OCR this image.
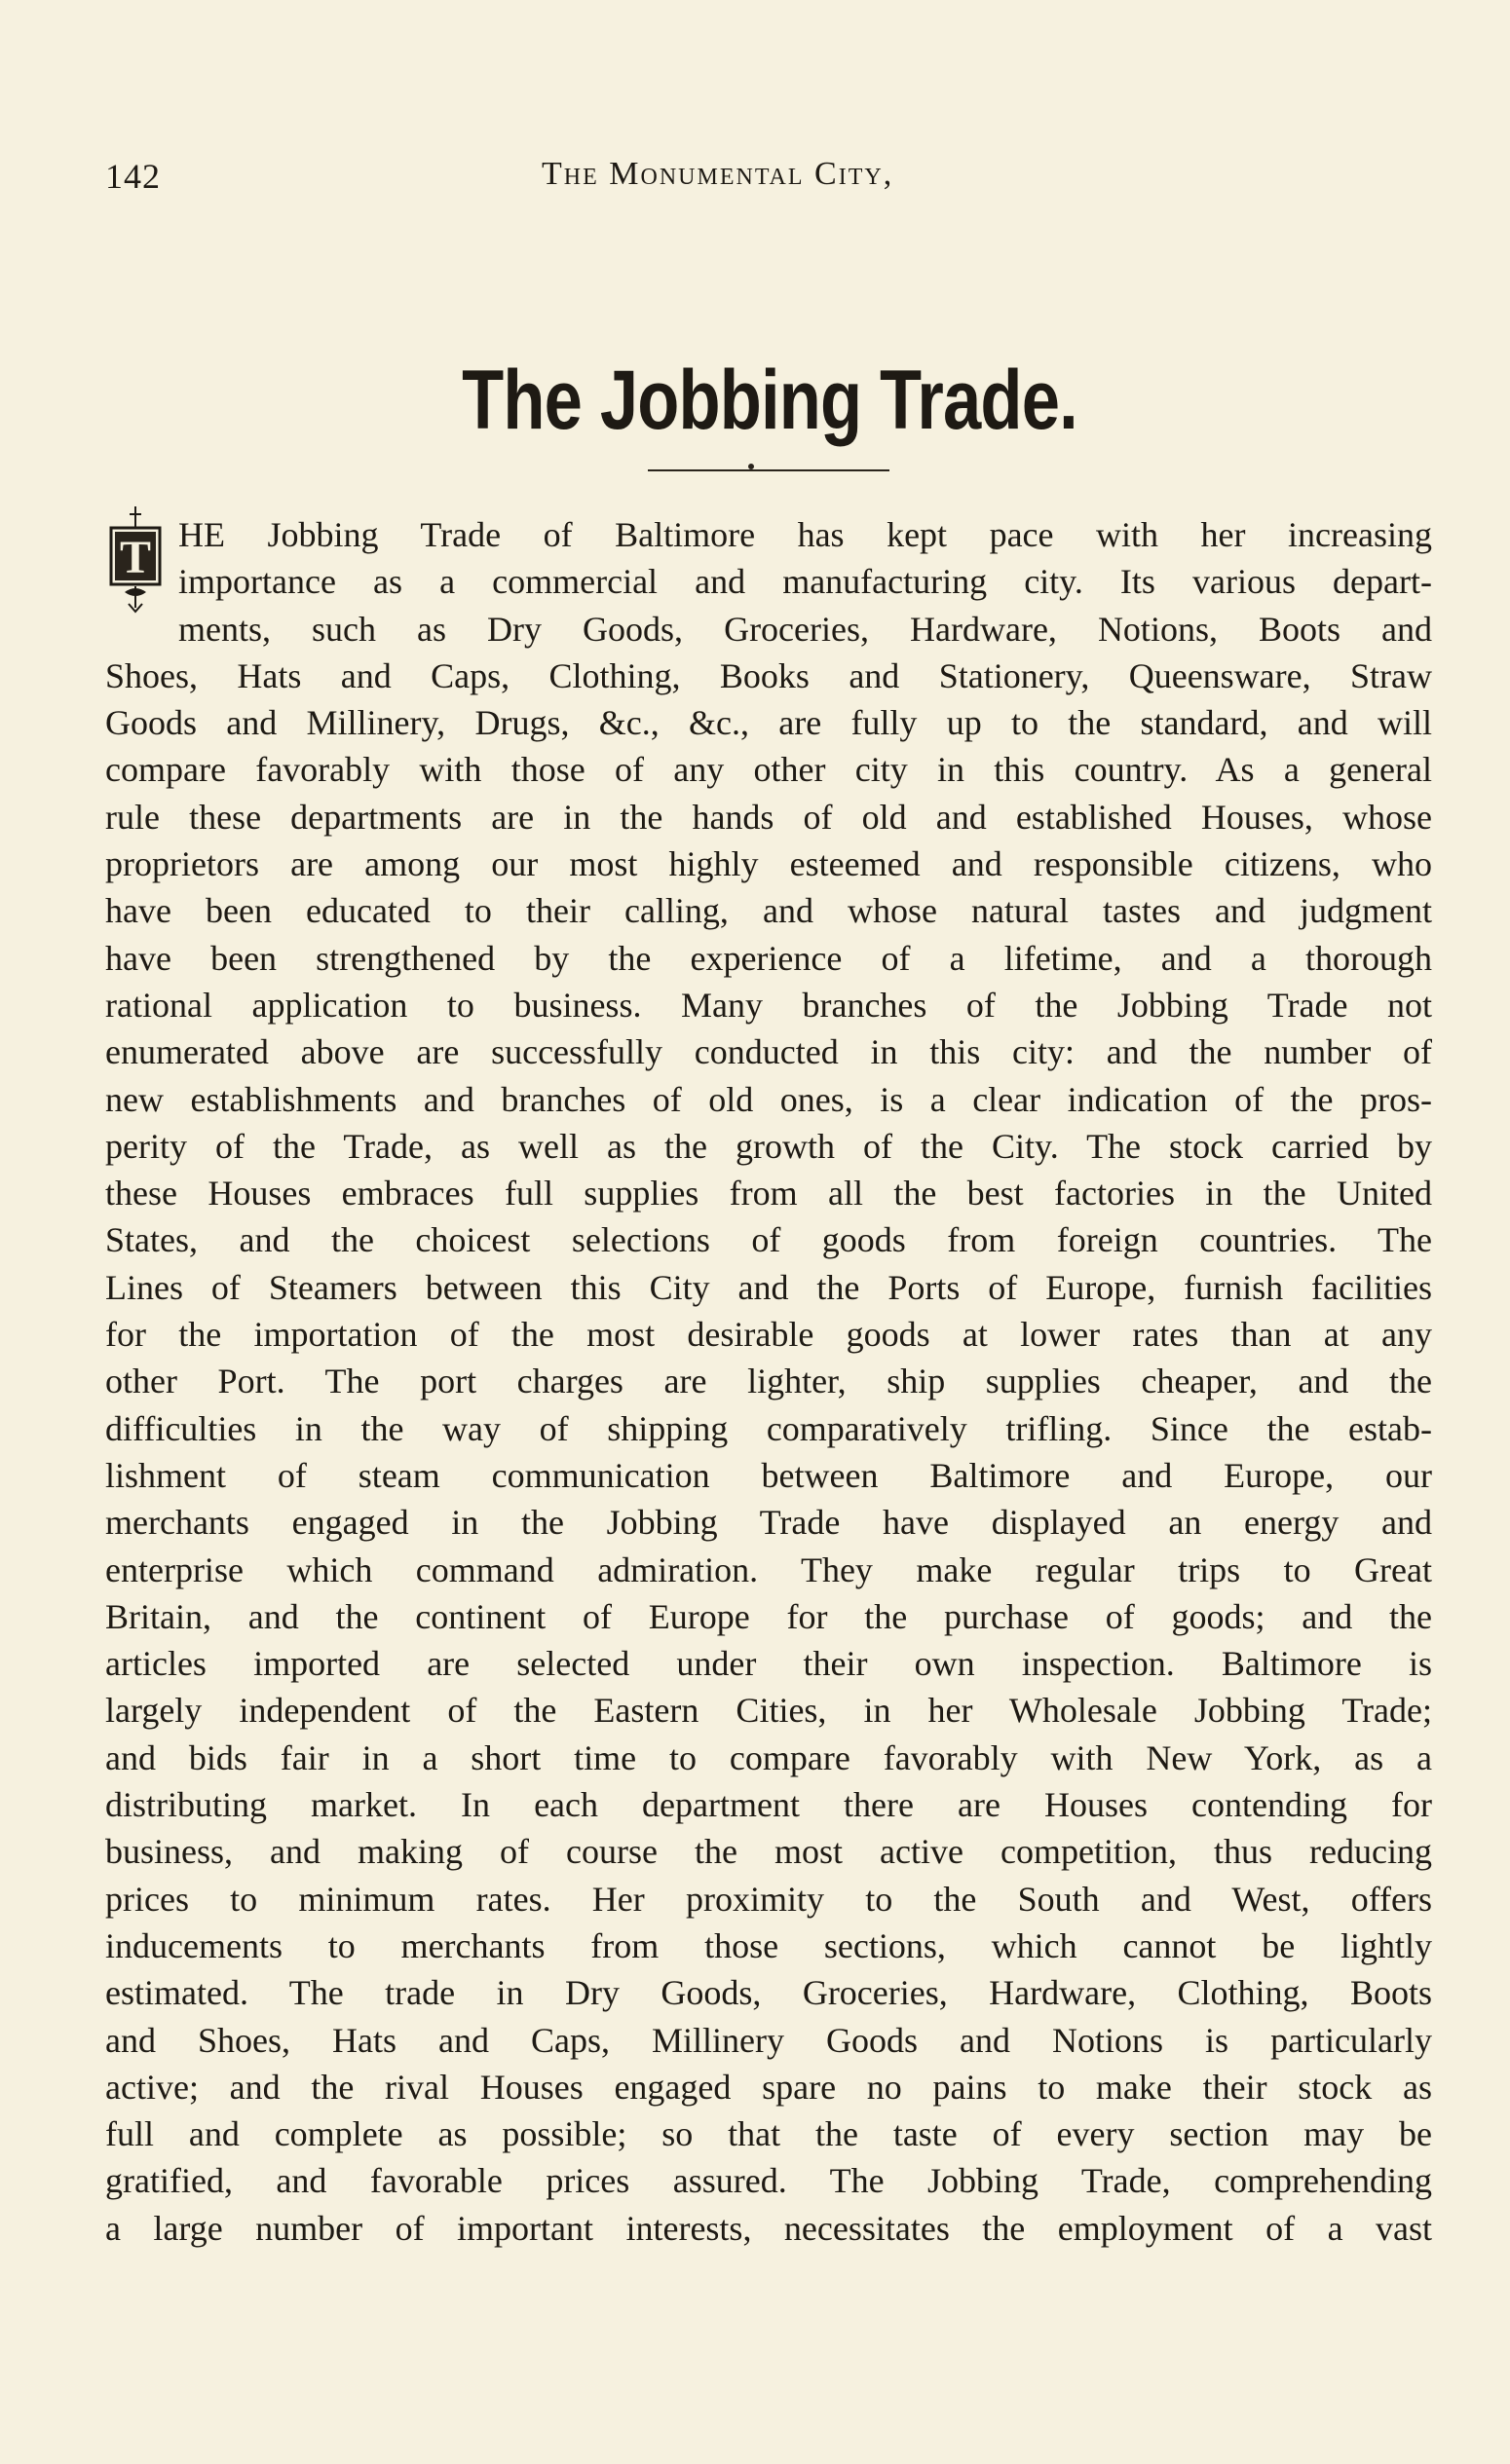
142	The Monumental City,
The Jobbing Trade.
T HE Jobbing Trade of Baltimore has kept pace with her increasing
importance as a commercial and manufacturing city. Its various depart-
ments, such as Dry Goods, Groceries, Hardware, Notions, Boots and
Shoes, Hats and Caps, Clothing, Books and Stationery, Queensware, Straw
Goods and Millinery, Drugs, &c., &c., are fully up to the standard, and will
compare favorably with those of any other city in this country. As a general
rule these departments are in the hands of old and established Houses, whose
proprietors are among our most highly esteemed and responsible citizens, who
have been educated to their calling, and whose natural tastes and judgment
have been strengthened by the experience of a lifetime, and a thorough
rational application to business. Many branches of the Jobbing Trade not
enumerated above are successfully conducted in this city: and the number of
new establishments and branches of old ones, is a clear indication of the pros-
perity of the Trade, as well as the growth of the City. The stock carried by
these Houses embraces full supplies from all the best factories in the United
States, and the choicest selections of goods from foreign countries. The
Lines of Steamers between this City and the Ports of Europe, furnish facilities
for the importation of the most desirable goods at lower rates than at any
other Port. The port charges are lighter, ship supplies cheaper, and the
difficulties in the way of shipping comparatively trifling. Since the estab-
lishment of steam communication between Baltimore and Europe, our
merchants engaged in the Jobbing Trade have displayed an energy and
enterprise which command admiration. They make regular trips to Great
Britain, and the continent of Europe for the purchase of goods; and the
articles imported are selected under their own inspection. Baltimore is
largely independent of the Eastern Cities, in her Wholesale Jobbing Trade;
and bids fair in a short time to compare favorably with New York, as a
distributing market. In each department there are Houses contending for
business, and making of course the most active competition, thus reducing
prices to minimum rates. Her proximity to the South and West, offers
inducements to merchants from those sections, which cannot be lightly
estimated. The trade in Dry Goods, Groceries, Hardware, Clothing, Boots
and Shoes, Hats and Caps, Millinery Goods and Notions is particularly
active; and the rival Houses engaged spare no pains to make their stock as
full and complete as possible; so that the taste of every section may be
gratified, and favorable prices assured. The Jobbing Trade, comprehending
a large number of important interests, necessitates the employment of a vast
